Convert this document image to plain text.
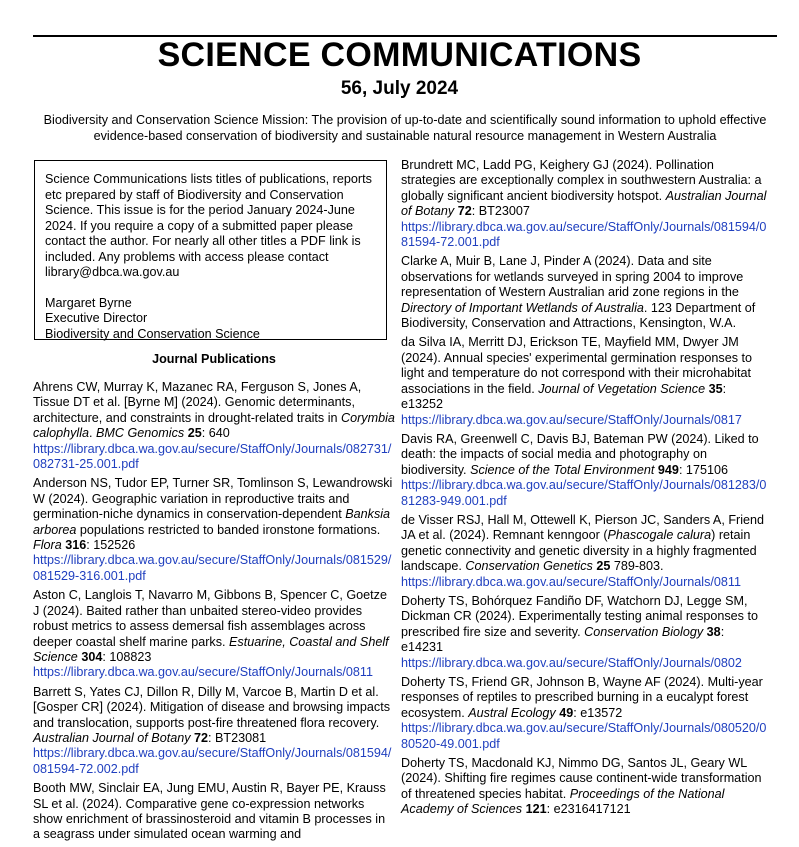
SCIENCE COMMUNICATIONS
56, July 2024
Biodiversity and Conservation Science Mission: The provision of up-to-date and scientifically sound information to uphold effective evidence-based conservation of biodiversity and sustainable natural resource management in Western Australia

Science Communications lists titles of publications, reports etc prepared by staff of Biodiversity and Conservation Science. This issue is for the period January 2024-June 2024. If you require a copy of a submitted paper please contact the author. For nearly all other titles a PDF link is included. Any problems with access please contact library@dbca.wa.gov.au

Margaret Byrne
Executive Director
Biodiversity and Conservation Science
Journal Publications
Ahrens CW, Murray K, Mazanec RA, Ferguson S, Jones A, Tissue DT et al. [Byrne M] (2024). Genomic determinants, architecture, and constraints in drought-related traits in Corymbia calophylla. BMC Genomics 25: 640
https://library.dbca.wa.gov.au/secure/StaffOnly/Journals/082731/082731-25.001.pdf
Anderson NS, Tudor EP, Turner SR, Tomlinson S, Lewandrowski W (2024). Geographic variation in reproductive traits and germination-niche dynamics in conservation-dependent Banksia arborea populations restricted to banded ironstone formations. Flora 316: 152526
https://library.dbca.wa.gov.au/secure/StaffOnly/Journals/081529/081529-316.001.pdf
Aston C, Langlois T, Navarro M, Gibbons B, Spencer C, Goetze J (2024). Baited rather than unbaited stereo-video provides robust metrics to assess demersal fish assemblages across deeper coastal shelf marine parks. Estuarine, Coastal and Shelf Science 304: 108823
https://library.dbca.wa.gov.au/secure/StaffOnly/Journals/0811
Barrett S, Yates CJ, Dillon R, Dilly M, Varcoe B, Martin D et al. [Gosper CR] (2024). Mitigation of disease and browsing impacts and translocation, supports post-fire threatened flora recovery. Australian Journal of Botany 72: BT23081
https://library.dbca.wa.gov.au/secure/StaffOnly/Journals/081594/081594-72.002.pdf
Booth MW, Sinclair EA, Jung EMU, Austin R, Bayer PE, Krauss SL et al. (2024). Comparative gene co-expression networks show enrichment of brassinosteroid and vitamin B processes in a seagrass under simulated ocean warming and
Brundrett MC, Ladd PG, Keighery GJ (2024). Pollination strategies are exceptionally complex in southwestern Australia: a globally significant ancient biodiversity hotspot. Australian Journal of Botany 72: BT23007
https://library.dbca.wa.gov.au/secure/StaffOnly/Journals/081594/081594-72.001.pdf
Clarke A, Muir B, Lane J, Pinder A (2024). Data and site observations for wetlands surveyed in spring 2004 to improve representation of Western Australian arid zone regions in the Directory of Important Wetlands of Australia. 123 Department of Biodiversity, Conservation and Attractions, Kensington, W.A.
da Silva IA, Merritt DJ, Erickson TE, Mayfield MM, Dwyer JM (2024). Annual species' experimental germination responses to light and temperature do not correspond with their microhabitat associations in the field. Journal of Vegetation Science 35: e13252
https://library.dbca.wa.gov.au/secure/StaffOnly/Journals/0817
Davis RA, Greenwell C, Davis BJ, Bateman PW (2024). Liked to death: the impacts of social media and photography on biodiversity. Science of the Total Environment 949: 175106
https://library.dbca.wa.gov.au/secure/StaffOnly/Journals/081283/081283-949.001.pdf
de Visser RSJ, Hall M, Ottewell K, Pierson JC, Sanders A, Friend JA et al. (2024). Remnant kenngoor (Phascogale calura) retain genetic connectivity and genetic diversity in a highly fragmented landscape. Conservation Genetics 25 789-803.
https://library.dbca.wa.gov.au/secure/StaffOnly/Journals/0811
Doherty TS, Bohórquez Fandiño DF, Watchorn DJ, Legge SM, Dickman CR (2024). Experimentally testing animal responses to prescribed fire size and severity. Conservation Biology 38: e14231
https://library.dbca.wa.gov.au/secure/StaffOnly/Journals/0802
Doherty TS, Friend GR, Johnson B, Wayne AF (2024). Multi-year responses of reptiles to prescribed burning in a eucalypt forest ecosystem. Austral Ecology 49: e13572
https://library.dbca.wa.gov.au/secure/StaffOnly/Journals/080520/080520-49.001.pdf
Doherty TS, Macdonald KJ, Nimmo DG, Santos JL, Geary WL (2024). Shifting fire regimes cause continent-wide transformation of threatened species habitat. Proceedings of the National Academy of Sciences 121: e2316417121
